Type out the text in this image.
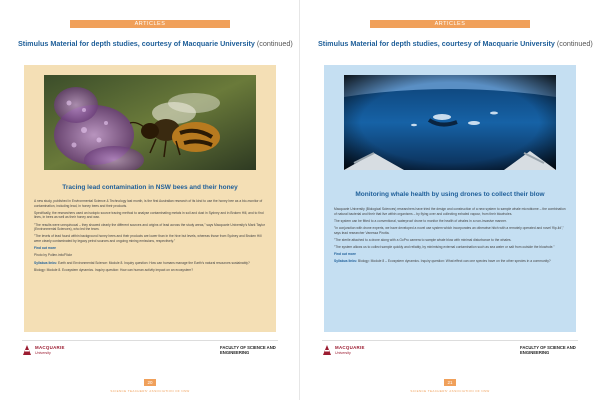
ARTICLES
Stimulus Material for depth studies, courtesy of Macquarie University (continued)
Tracing lead contamination in NSW bees and their honey

A new study, published in Environmental Science & Technology last month, is the first Australian research of its kind to use the honey bee as a bio-monitor of contamination, including lead, in honey bees and their products.

Specifically, the researchers used an isotopic source tracing method to analyse contaminating metals in soil and dust in Sydney and in Broken Hill, and to find lines, in bees as well as their honey and wax.

"The results were unequivocal – they showed clearly the different sources and origins of lead across the study areas," says Macquarie University's Mark Taylor (Environmental Sciences), who led the team.

"The levels of lead found within background honey bees and their products are lower than in the hive but levels, whereas those from Sydney and Broken Hill were clearly contaminated by legacy petrol sources and ongoing mining emissions, respectively."

Find out more

Photo by Pollen.info/Flickr

Syllabus links: Earth and Environmental Science: Module 8. Inquiry question: How can humans manage the Earth's natural resources sustainably?

Biology: Module 8. Ecosystem dynamics. Inquiry question: How can human activity impact on an ecosystem?

MACQUARIE
University
FACULTY OF SCIENCE AND ENGINEERING
20
SCIENCE TEACHERS' ASSOCIATION OF NSW
ARTICLES
Stimulus Material for depth studies, courtesy of Macquarie University (continued)
Monitoring whale health by using drones to collect their blow

Macquarie University (Biological Sciences) researchers have tried the design and construction of a new system to sample whale microbiome – the combination of natural bacterial and their that live within organisms – by flying over and collecting exhaled vapour, from their blowholes.

The system can be fitted to a conventional, waterproof drone to monitor the health of whales in a non-invasive manner.

"In conjunction with drone experts, we have developed a novel use system which incorporates an otherwise hitch with a remotely operated and novel 'flip-lid'," says lead researcher Vanessa Pirotta.

"The sterile attached to a drone along with a GoPro camera to sample whale blow with minimal disturbance to the whales.

"The system allows us to collect sample quickly and reliably, by minimising external contamination such as sea water or salt from outside the blowhole."

Find out more

Syllabus links: Biology: Module 8 – Ecosystem dynamics. Inquiry question: What effect can one species have on the other species in a community?

MACQUARIE
University
FACULTY OF SCIENCE AND ENGINEERING
21
SCIENCE TEACHERS' ASSOCIATION OF NSW
